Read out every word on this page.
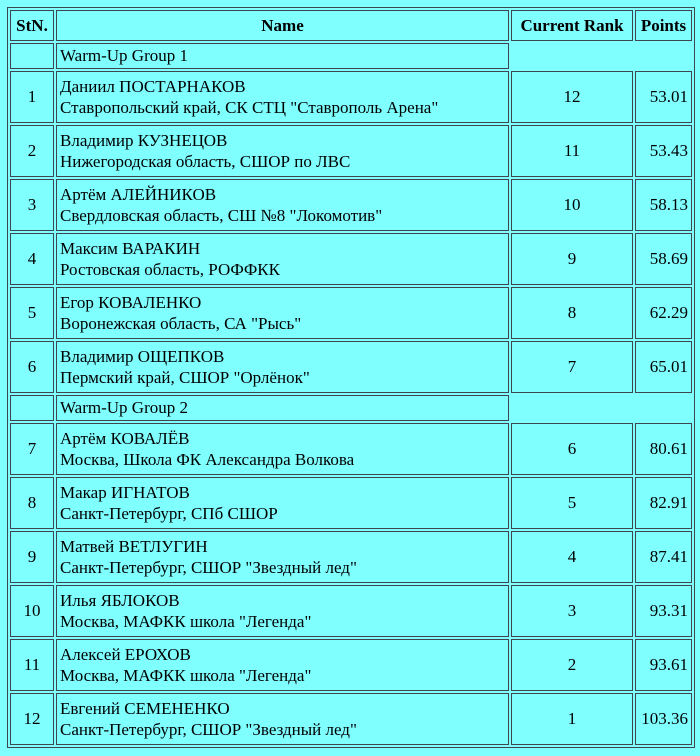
StN.	Name	Current Rank	Points
	Warm-Up Group 1		
1	Даниил ПОСТАРНАКОВ
Ставропольский край, СК СТЦ "Ставрополь Арена"	12	53.01
2	Владимир КУЗНЕЦОВ
Нижегородская область, СШОР по ЛВС	11	53.43
3	Артём АЛЕЙНИКОВ
Свердловская область, СШ №8 "Локомотив"	10	58.13
4	Максим ВАРАКИН
Ростовская область, РОФФКК	9	58.69
5	Егор КОВАЛЕНКО
Воронежская область, СА "Рысь"	8	62.29
6	Владимир ОЩЕПКОВ
Пермский край, СШОР "Орлёнок"	7	65.01
	Warm-Up Group 2		
7	Артём КОВАЛЁВ
Москва, Школа ФК Александра Волкова	6	80.61
8	Макар ИГНАТОВ
Санкт-Петербург, СПб СШОР	5	82.91
9	Матвей ВЕТЛУГИН
Санкт-Петербург, СШОР "Звездный лед"	4	87.41
10	Илья ЯБЛОКОВ
Москва, МАФКК школа "Легенда"	3	93.31
11	Алексей ЕРОХОВ
Москва, МАФКК школа "Легенда"	2	93.61
12	Евгений СЕМЕНЕНКО
Санкт-Петербург, СШОР "Звездный лед"	1	103.36
